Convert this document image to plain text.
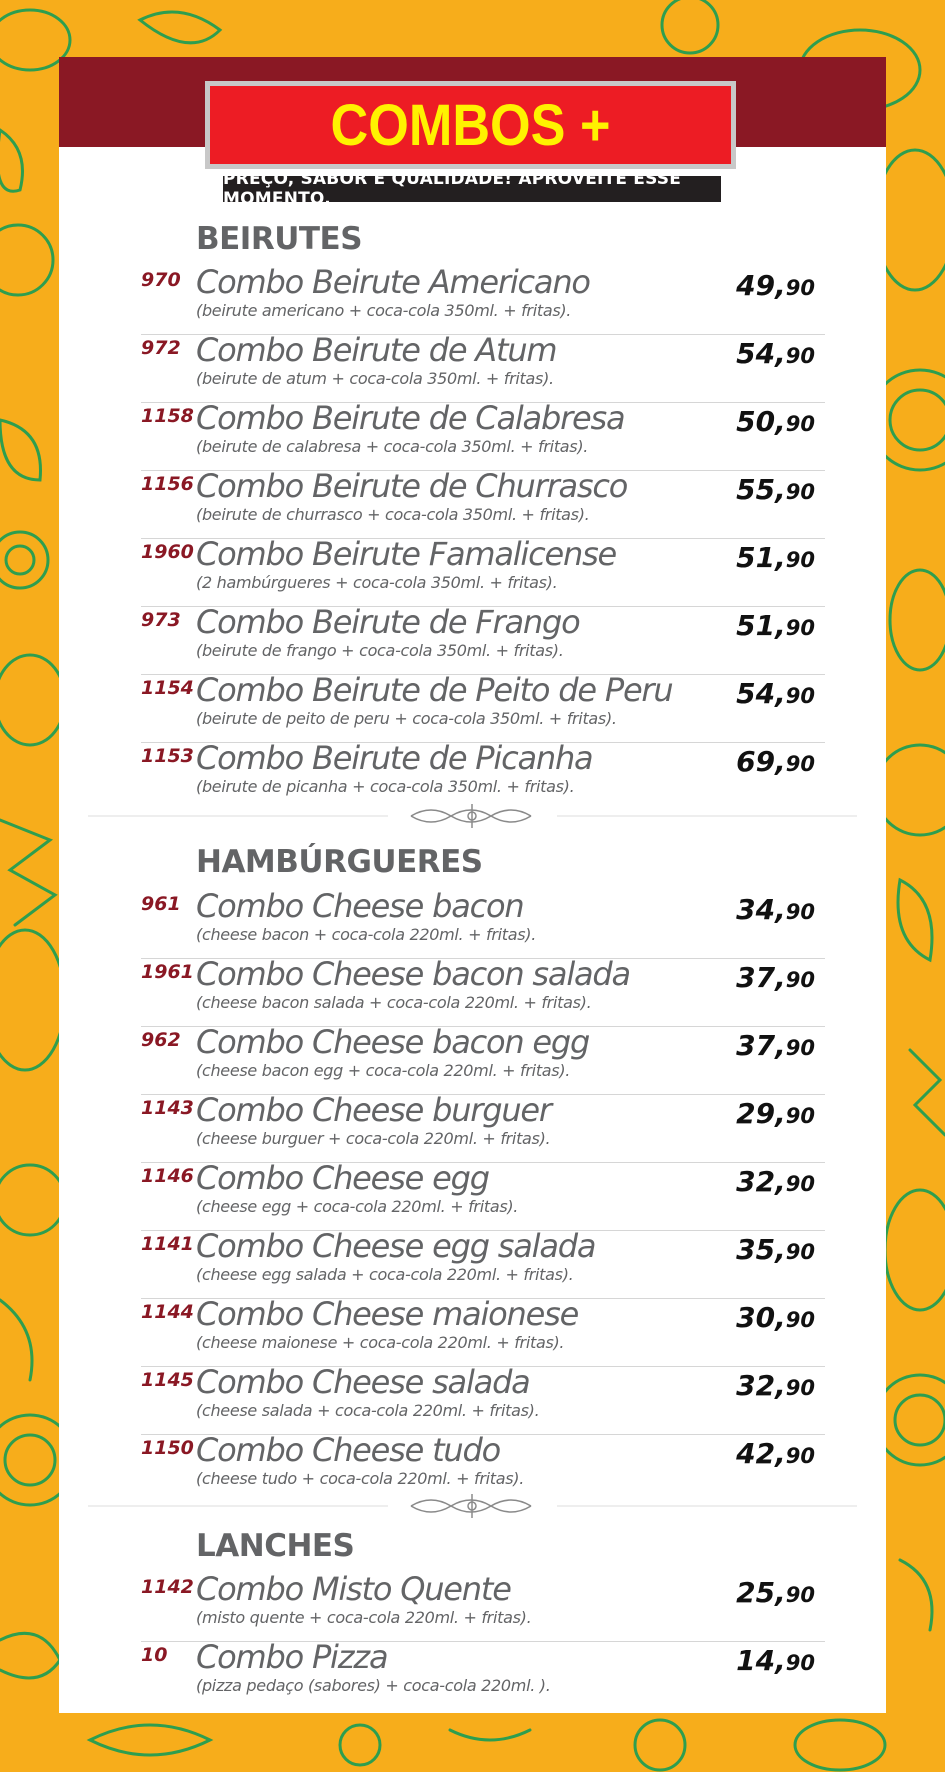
COMBOS +
PREÇO, SABOR E QUALIDADE! APROVEITE ESSE MOMENTO.
BEIRUTES
970 Combo Beirute Americano
(beirute americano + coca-cola 350ml. + fritas).
49,90
972 Combo Beirute de Atum
(beirute de atum + coca-cola 350ml. + fritas).
54,90
1158 Combo Beirute de Calabresa
(beirute de calabresa + coca-cola 350ml. + fritas).
50,90
1156 Combo Beirute de Churrasco
(beirute de churrasco + coca-cola 350ml. + fritas).
55,90
1960 Combo Beirute Famalicense
(2 hambúrgueres + coca-cola 350ml. + fritas).
51,90
973 Combo Beirute de Frango
(beirute de frango + coca-cola 350ml. + fritas).
51,90
1154 Combo Beirute de Peito de Peru
(beirute de peito de peru + coca-cola 350ml. + fritas).
54,90
1153 Combo Beirute de Picanha
(beirute de picanha + coca-cola 350ml. + fritas).
69,90
HAMBÚRGUERES
961 Combo Cheese bacon
(cheese bacon + coca-cola 220ml. + fritas).
34,90
1961 Combo Cheese bacon salada
(cheese bacon salada + coca-cola 220ml. + fritas).
37,90
962 Combo Cheese bacon egg
(cheese bacon egg + coca-cola 220ml. + fritas).
37,90
1143 Combo Cheese burguer
(cheese burguer + coca-cola 220ml. + fritas).
29,90
1146 Combo Cheese egg
(cheese egg + coca-cola 220ml. + fritas).
32,90
1141 Combo Cheese egg salada
(cheese egg salada + coca-cola 220ml. + fritas).
35,90
1144 Combo Cheese maionese
(cheese maionese + coca-cola 220ml. + fritas).
30,90
1145 Combo Cheese salada
(cheese salada + coca-cola 220ml. + fritas).
32,90
1150 Combo Cheese tudo
(cheese tudo + coca-cola 220ml. + fritas).
42,90
LANCHES
1142 Combo Misto Quente
(misto quente + coca-cola 220ml. + fritas).
25,90
10 Combo Pizza
(pizza pedaço (sabores) + coca-cola 220ml. ).
14,90
